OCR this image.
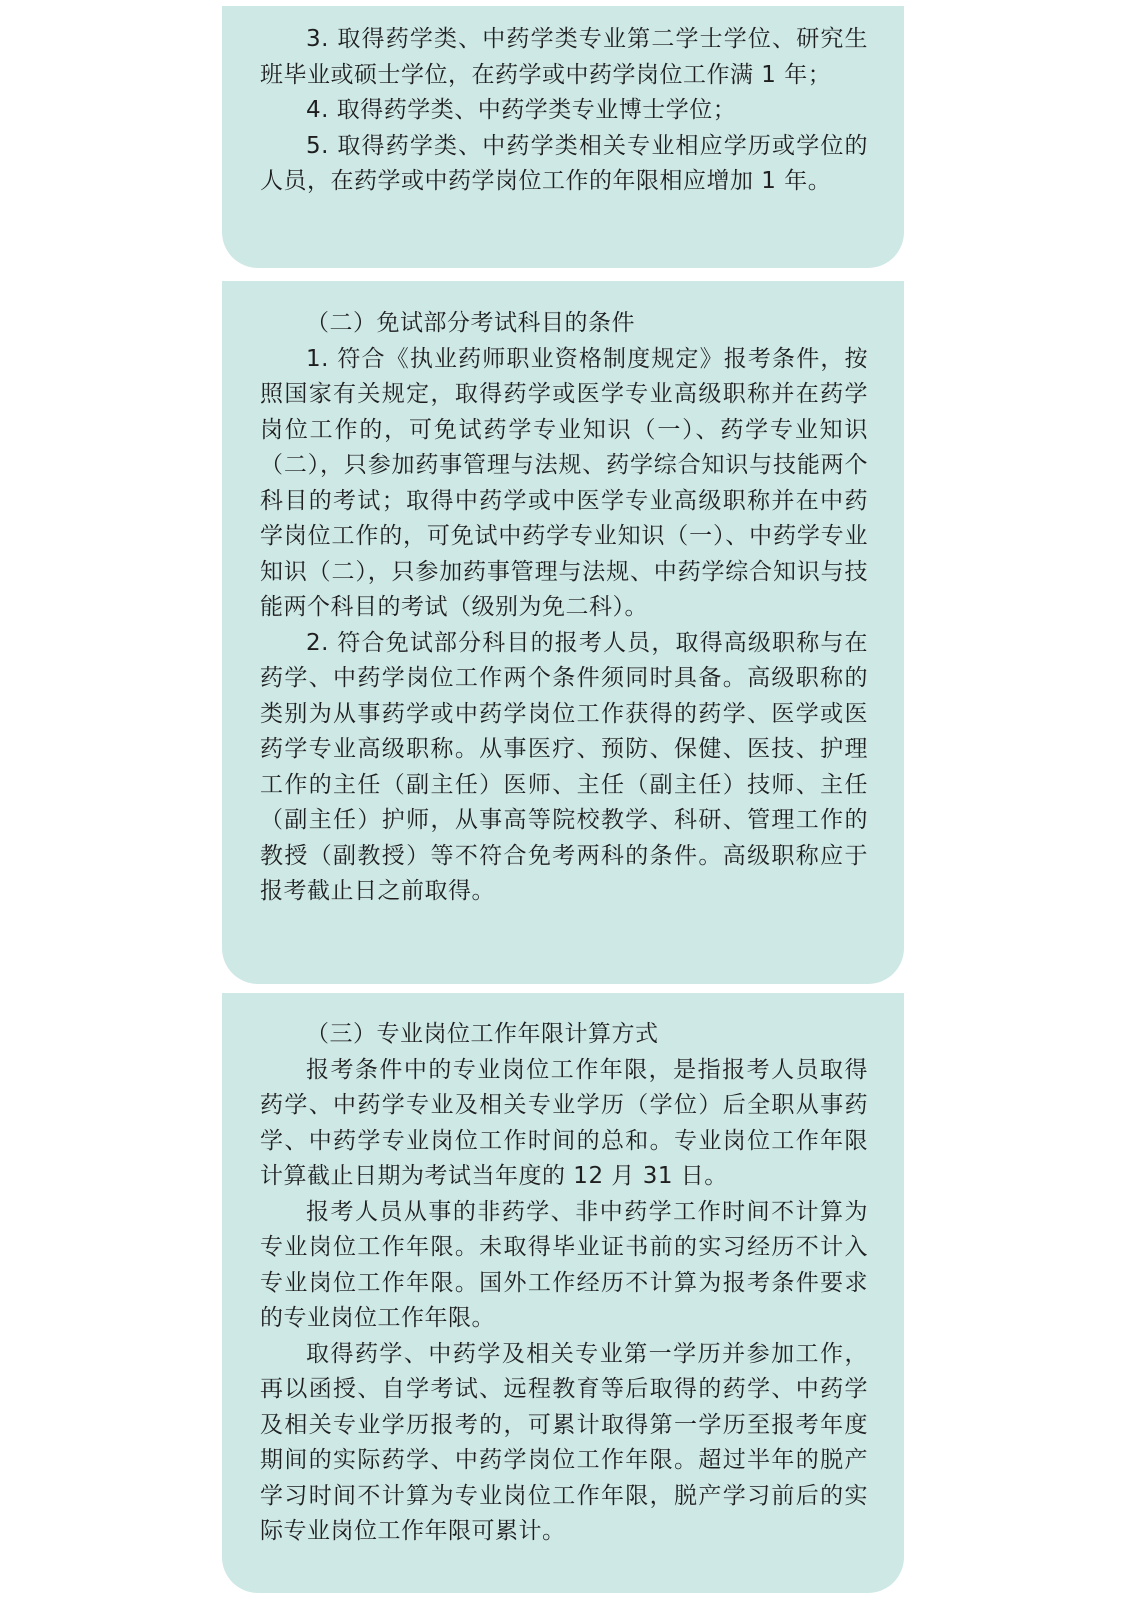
3. 取得药学类、中药学类专业第二学士学位、研究生班毕业或硕士学位，在药学或中药学岗位工作满 1 年；

4. 取得药学类、中药学类专业博士学位；

5. 取得药学类、中药学类相关专业相应学历或学位的人员，在药学或中药学岗位工作的年限相应增加 1 年。

（二）免试部分考试科目的条件

1. 符合《执业药师职业资格制度规定》报考条件，按照国家有关规定，取得药学或医学专业高级职称并在药学岗位工作的，可免试药学专业知识（一）、药学专业知识（二），只参加药事管理与法规、药学综合知识与技能两个科目的考试；取得中药学或中医学专业高级职称并在中药学岗位工作的，可免试中药学专业知识（一）、中药学专业知识（二），只参加药事管理与法规、中药学综合知识与技能两个科目的考试（级别为免二科）。

2. 符合免试部分科目的报考人员，取得高级职称与在药学、中药学岗位工作两个条件须同时具备。高级职称的类别为从事药学或中药学岗位工作获得的药学、医学或医药学专业高级职称。从事医疗、预防、保健、医技、护理工作的主任（副主任）医师、主任（副主任）技师、主任（副主任）护师，从事高等院校教学、科研、管理工作的教授（副教授）等不符合免考两科的条件。高级职称应于报考截止日之前取得。

（三）专业岗位工作年限计算方式

报考条件中的专业岗位工作年限，是指报考人员取得药学、中药学专业及相关专业学历（学位）后全职从事药学、中药学专业岗位工作时间的总和。专业岗位工作年限计算截止日期为考试当年度的 12 月 31 日。

报考人员从事的非药学、非中药学工作时间不计算为专业岗位工作年限。未取得毕业证书前的实习经历不计入专业岗位工作年限。国外工作经历不计算为报考条件要求的专业岗位工作年限。

取得药学、中药学及相关专业第一学历并参加工作，再以函授、自学考试、远程教育等后取得的药学、中药学及相关专业学历报考的，可累计取得第一学历至报考年度期间的实际药学、中药学岗位工作年限。超过半年的脱产学习时间不计算为专业岗位工作年限，脱产学习前后的实际专业岗位工作年限可累计。
